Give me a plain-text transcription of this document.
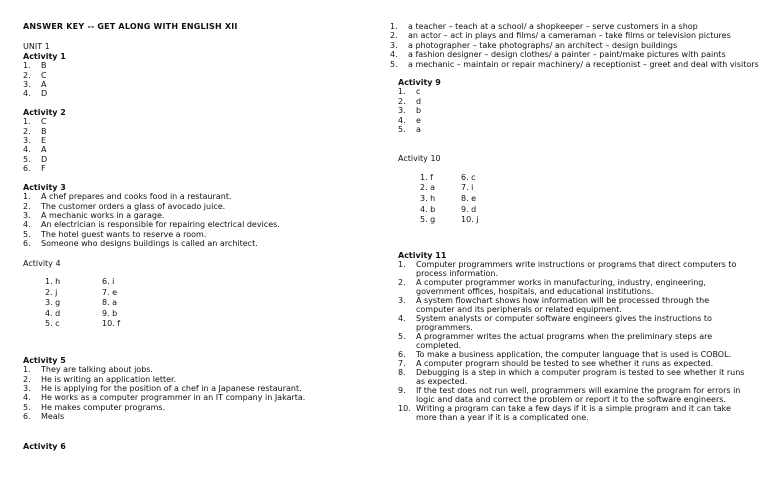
ANSWER KEY -- GET ALONG WITH ENGLISH XII
UNIT 1
Activity 1
1.	B
2.	C
3.	A
4.	D
Activity 2
1.	C
2.	B
3.	E
4.	A
5.	D
6.	F
Activity 3
1.	A chef prepares and cooks food in a restaurant.
2.	The customer orders a glass of avocado juice.
3.	A mechanic works in a garage.
4.	An electrician is responsible for repairing electrical devices.
5.	The hotel guest wants to reserve a room.
6.	Someone who designs buildings is called an architect.
Activity 4
1. h	6. i
2. j	7. e
3. g	8. a
4. d	9. b
5. c	10. f
Activity 5
1.	They are talking about jobs.
2.	He is writing an application letter.
3.	He is applying for the position of a chef in a Japanese restaurant.
4.	He works as a computer programmer in an IT company in Jakarta.
5.	He makes computer programs.
6.	Meals
Activity 6
1.	a teacher – teach at a school/ a shopkeeper – serve customers in a shop
2.	an actor – act in plays and films/ a cameraman – take films or television pictures
3.	a photographer – take photographs/ an architect – design buildings
4.	a fashion designer – design clothes/ a painter – paint/make pictures with paints
5.	a mechanic – maintain or repair machinery/ a receptionist – greet and deal with visitors
Activity 9
1.	c
2.	d
3.	b
4.	e
5.	a
Activity 10
1. f	6. c
2. a	7. i
3. h	8. e
4. b	9. d
5. g	10. j
Activity 11
1.	Computer programmers write instructions or programs that direct computers to process information.
2.	A computer programmer works in manufacturing, industry, engineering, government offices, hospitals, and educational institutions.
3.	A system flowchart shows how information will be processed through the computer and its peripherals or related equipment.
4.	System analysts or computer software engineers gives the instructions to programmers.
5.	A programmer writes the actual programs when the preliminary steps are completed.
6.	To make a business application, the computer language that is used is COBOL.
7.	A computer program should be tested to see whether it runs as expected.
8.	Debugging is a step in which a computer program is tested to see whether it runs as expected.
9.	If the test does not run well, programmers will examine the program for errors in logic and data and correct the problem or report it to the software engineers.
10. Writing a program can take a few days if it is a simple program and it can take more than a year if it is a complicated one.
